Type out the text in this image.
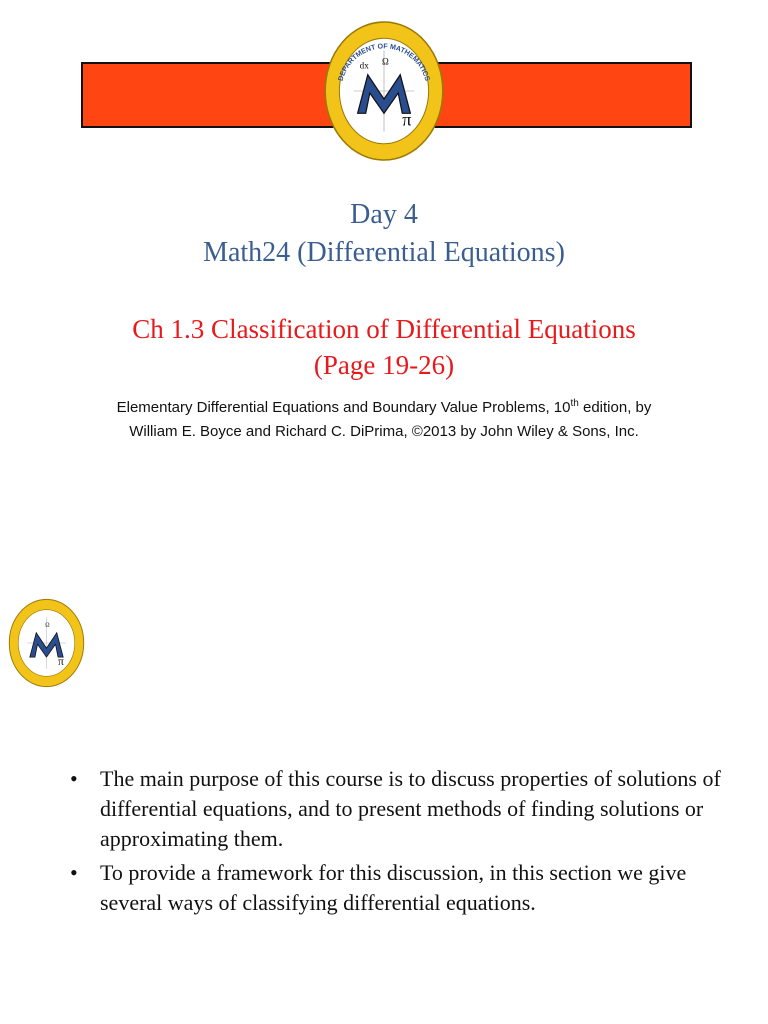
DEPARTMENT OF MATHEMATICS
π
Ω
dx
Day 4
Math24 (Differential Equations)
Ch 1.3 Classification of Differential Equations
(Page 19-26)
Elementary Differential Equations and Boundary Value Problems, 10th edition, by
William E. Boyce and Richard C. DiPrima, ©2013 by John Wiley & Sons, Inc.
π
Ω
• The main purpose of this course is to discuss properties of solutions of differential equations, and to present methods of finding solutions or approximating them.
• To provide a framework for this discussion, in this section we give several ways of classifying differential equations.
